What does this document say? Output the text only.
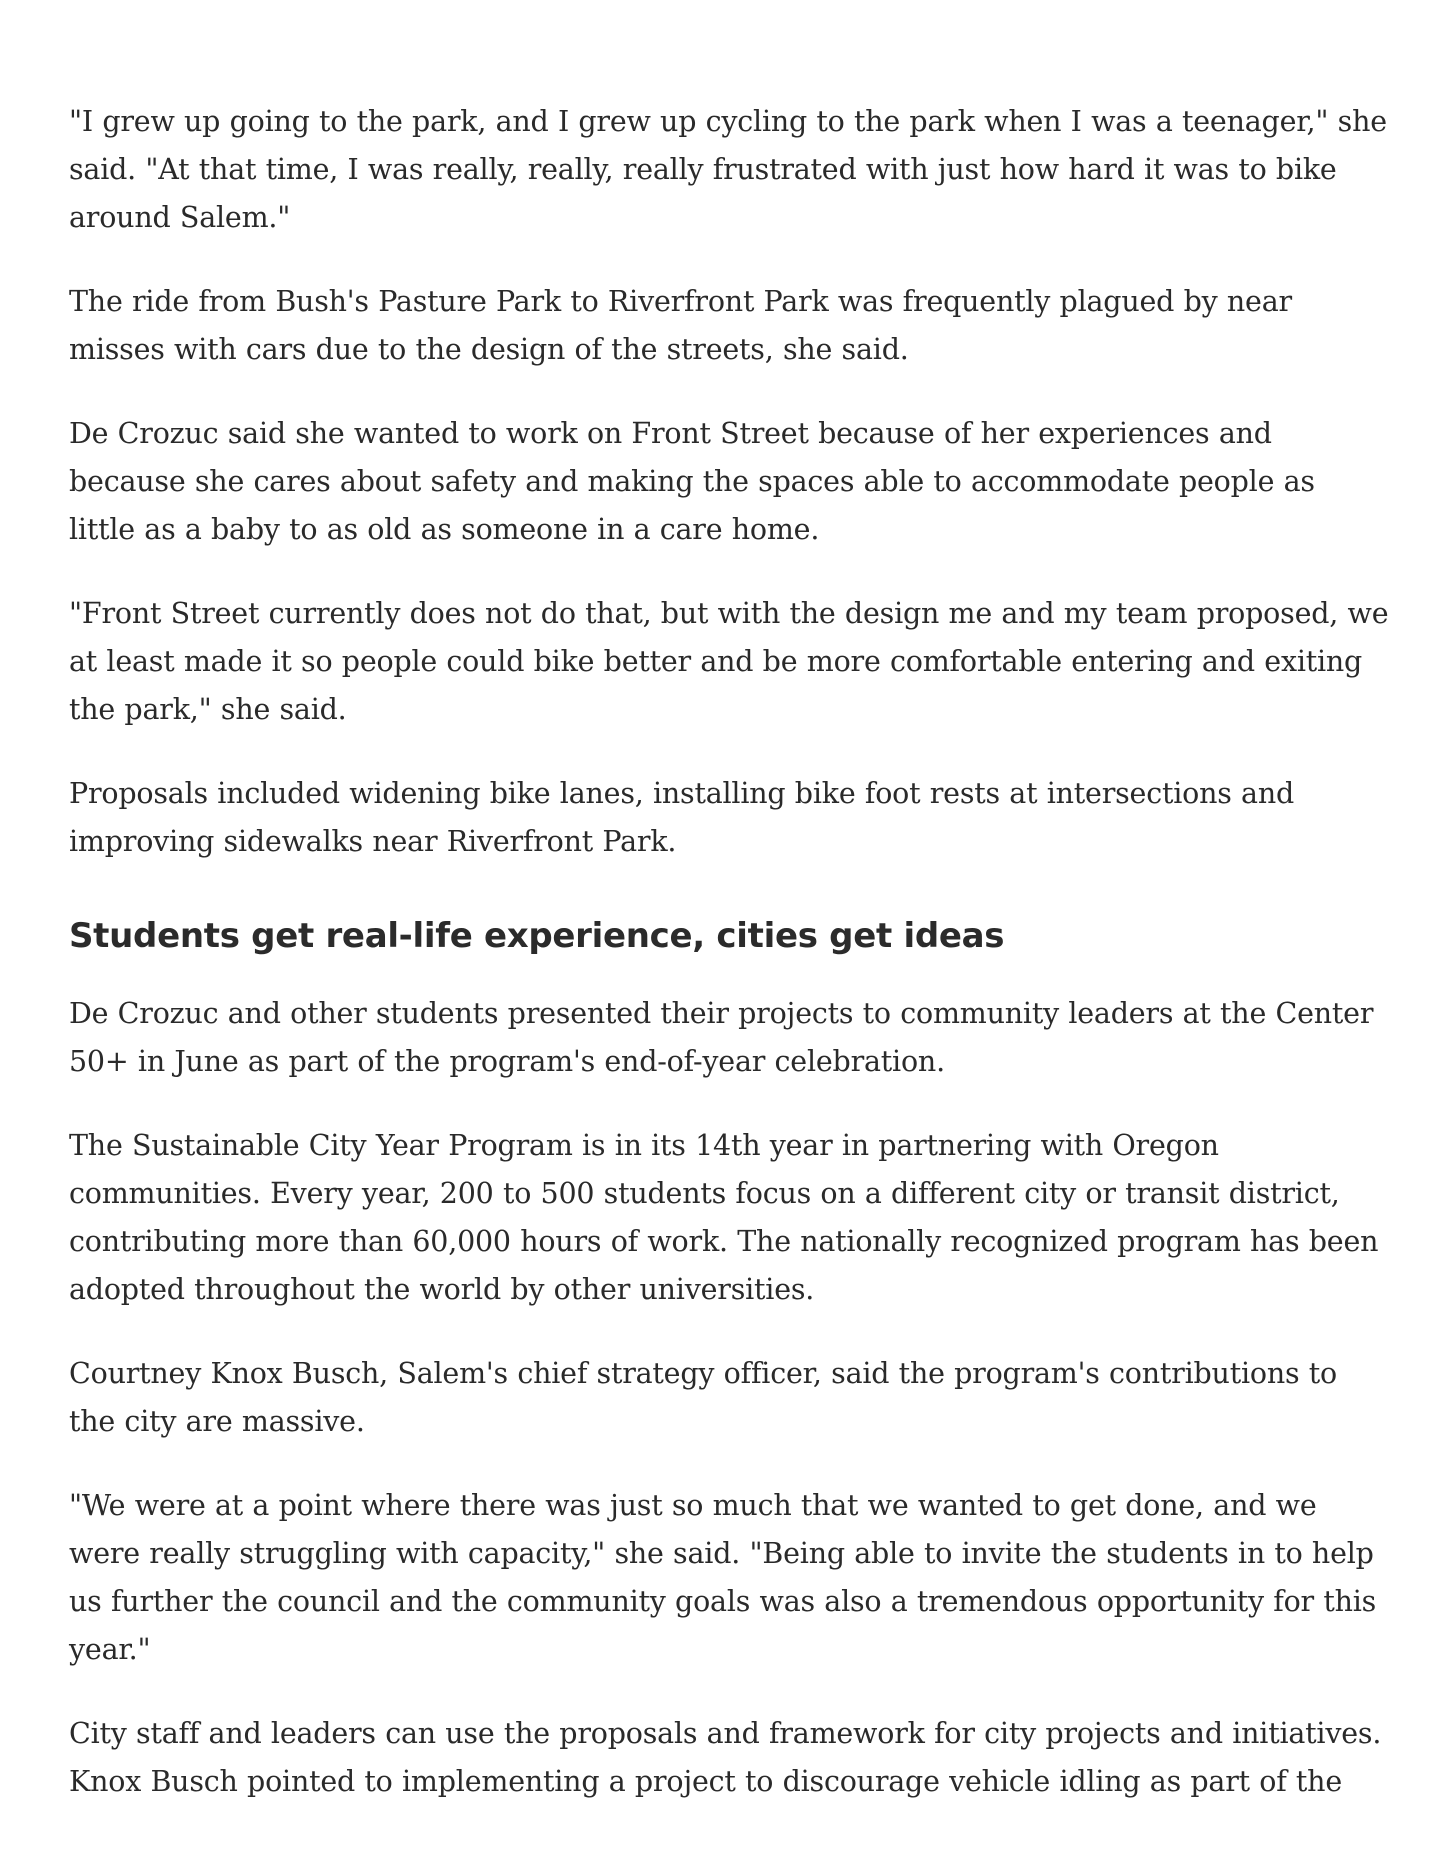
"I grew up going to the park, and I grew up cycling to the park when I was a teenager," she said. "At that time, I was really, really, really frustrated with just how hard it was to bike around Salem."

The ride from Bush's Pasture Park to Riverfront Park was frequently plagued by near misses with cars due to the design of the streets, she said.

De Crozuc said she wanted to work on Front Street because of her experiences and because she cares about safety and making the spaces able to accommodate people as little as a baby to as old as someone in a care home.

"Front Street currently does not do that, but with the design me and my team proposed, we at least made it so people could bike better and be more comfortable entering and exiting the park," she said.

Proposals included widening bike lanes, installing bike foot rests at intersections and improving sidewalks near Riverfront Park.

Students get real-life experience, cities get ideas

De Crozuc and other students presented their projects to community leaders at the Center 50+ in June as part of the program's end-of-year celebration.

The Sustainable City Year Program is in its 14th year in partnering with Oregon communities. Every year, 200 to 500 students focus on a different city or transit district, contributing more than 60,000 hours of work. The nationally recognized program has been adopted throughout the world by other universities.

Courtney Knox Busch, Salem's chief strategy officer, said the program's contributions to the city are massive.

"We were at a point where there was just so much that we wanted to get done, and we were really struggling with capacity," she said. "Being able to invite the students in to help us further the council and the community goals was also a tremendous opportunity for this year."

City staff and leaders can use the proposals and framework for city projects and initiatives. Knox Busch pointed to implementing a project to discourage vehicle idling as part of the
